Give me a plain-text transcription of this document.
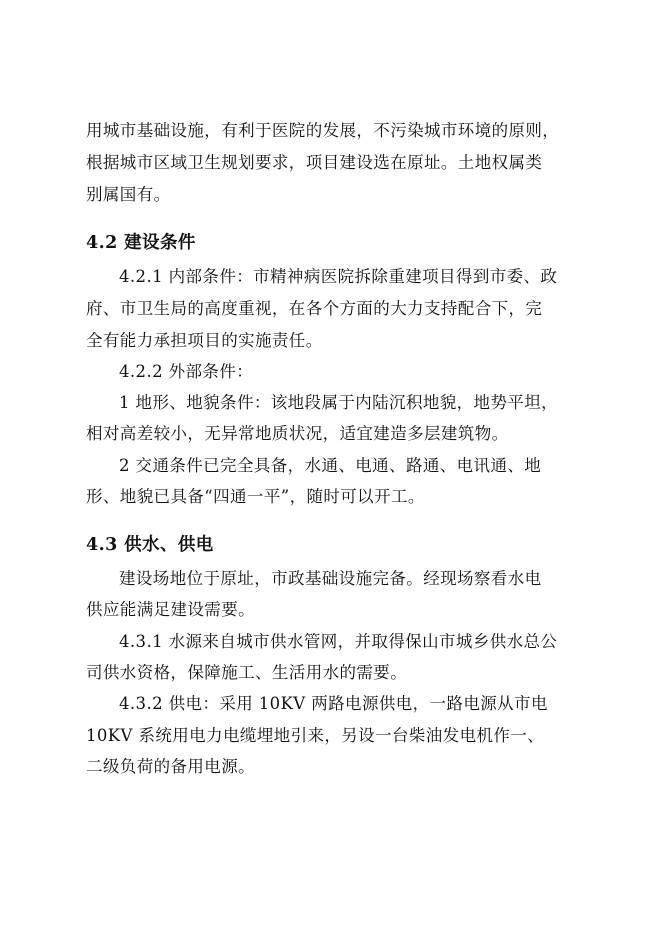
用城市基础设施，有利于医院的发展，不污染城市环境的原则，
根据城市区域卫生规划要求，项目建设选在原址。土地权属类
别属国有。
4.2 建设条件
4.2.1 内部条件：市精神病医院拆除重建项目得到市委、政
府、市卫生局的高度重视，在各个方面的大力支持配合下，完
全有能力承担项目的实施责任。
4.2.2 外部条件：
1 地形、地貌条件：该地段属于内陆沉积地貌，地势平坦，
相对高差较小，无异常地质状况，适宜建造多层建筑物。
2 交通条件已完全具备，水通、电通、路通、电讯通、地
形、地貌已具备“四通一平”，随时可以开工。
4.3 供水、供电
建设场地位于原址，市政基础设施完备。经现场察看水电
供应能满足建设需要。
4.3.1 水源来自城市供水管网，并取得保山市城乡供水总公
司供水资格，保障施工、生活用水的需要。
4.3.2 供电：采用 10KV 两路电源供电，一路电源从市电
10KV 系统用电力电缆埋地引来，另设一台柴油发电机作一、
二级负荷的备用电源。
